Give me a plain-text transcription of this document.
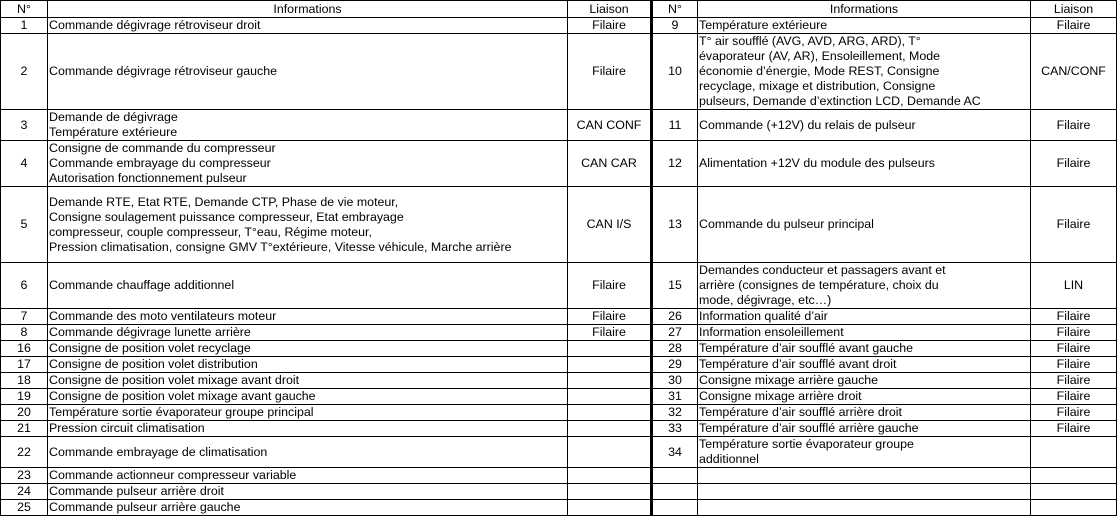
N°	Informations	Liaison	N°	Informations	Liaison
1	Commande dégivrage rétroviseur droit	Filaire	9	Température extérieure	Filaire
2	Commande dégivrage rétroviseur gauche	Filaire	10	T° air soufflé (AVG, AVD, ARG, ARD), T°
évaporateur (AV, AR), Ensoleillement, Mode
économie d’énergie, Mode REST, Consigne
recyclage, mixage et distribution, Consigne
pulseurs, Demande d’extinction LCD, Demande AC	CAN/CONF
3	Demande de dégivrage
Température extérieure	CAN CONF	11	Commande (+12V) du relais de pulseur	Filaire
4	Consigne de commande du compresseur
Commande embrayage du compresseur
Autorisation fonctionnement pulseur	CAN CAR	12	Alimentation +12V du module des pulseurs	Filaire
5	Demande RTE, Etat RTE, Demande CTP, Phase de vie moteur,
Consigne soulagement puissance compresseur, Etat embrayage
compresseur, couple compresseur, T°eau, Régime moteur,
Pression climatisation, consigne GMV T°extérieure, Vitesse véhicule, Marche arrière	CAN I/S	13	Commande du pulseur principal	Filaire
6	Commande chauffage additionnel	Filaire	15	Demandes conducteur et passagers avant et
arrière (consignes de température, choix du
mode, dégivrage, etc…)	LIN
7	Commande des moto ventilateurs moteur	Filaire	26	Information qualité d’air	Filaire
8	Commande dégivrage lunette arrière	Filaire	27	Information ensoleillement	Filaire
16	Consigne de position volet recyclage		28	Température d’air soufflé avant gauche	Filaire
17	Consigne de position volet distribution		29	Température d’air soufflé avant droit	Filaire
18	Consigne de position volet mixage avant droit		30	Consigne mixage arrière gauche	Filaire
19	Consigne de position volet mixage avant gauche		31	Consigne mixage arrière droit	Filaire
20	Température sortie évaporateur groupe principal		32	Température d’air soufflé arrière droit	Filaire
21	Pression circuit climatisation		33	Température d’air soufflé arrière gauche	Filaire
22	Commande embrayage de climatisation		34	Température sortie évaporateur groupe
additionnel	
23	Commande actionneur compresseur variable				
24	Commande pulseur arrière droit				
25	Commande pulseur arrière gauche				
